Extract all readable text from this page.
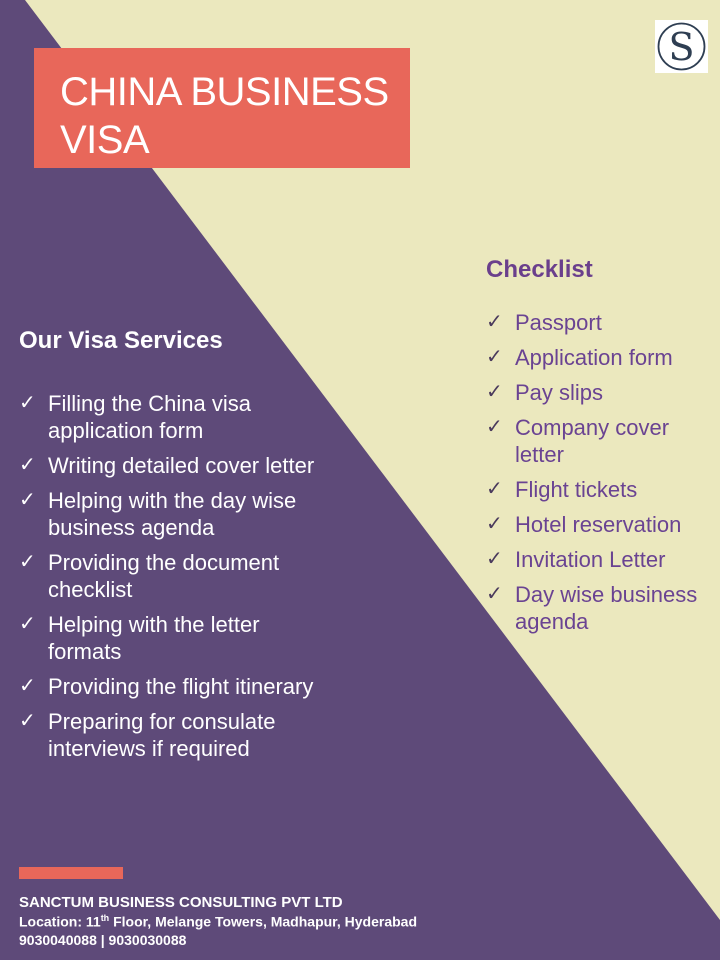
CHINA BUSINESS VISA
S
Our Visa Services
✓ Filling the China visa application form
✓ Writing detailed cover letter
✓ Helping with the day wise business agenda
✓ Providing the document checklist
✓ Helping with the letter formats
✓ Providing the flight itinerary
✓ Preparing for consulate interviews if required
Checklist
✓ Passport
✓ Application form
✓ Pay slips
✓ Company cover letter
✓ Flight tickets
✓ Hotel reservation
✓ Invitation Letter
✓ Day wise business agenda
SANCTUM BUSINESS CONSULTING PVT LTD
Location: 11th Floor, Melange Towers, Madhapur, Hyderabad
9030040088 | 9030030088
